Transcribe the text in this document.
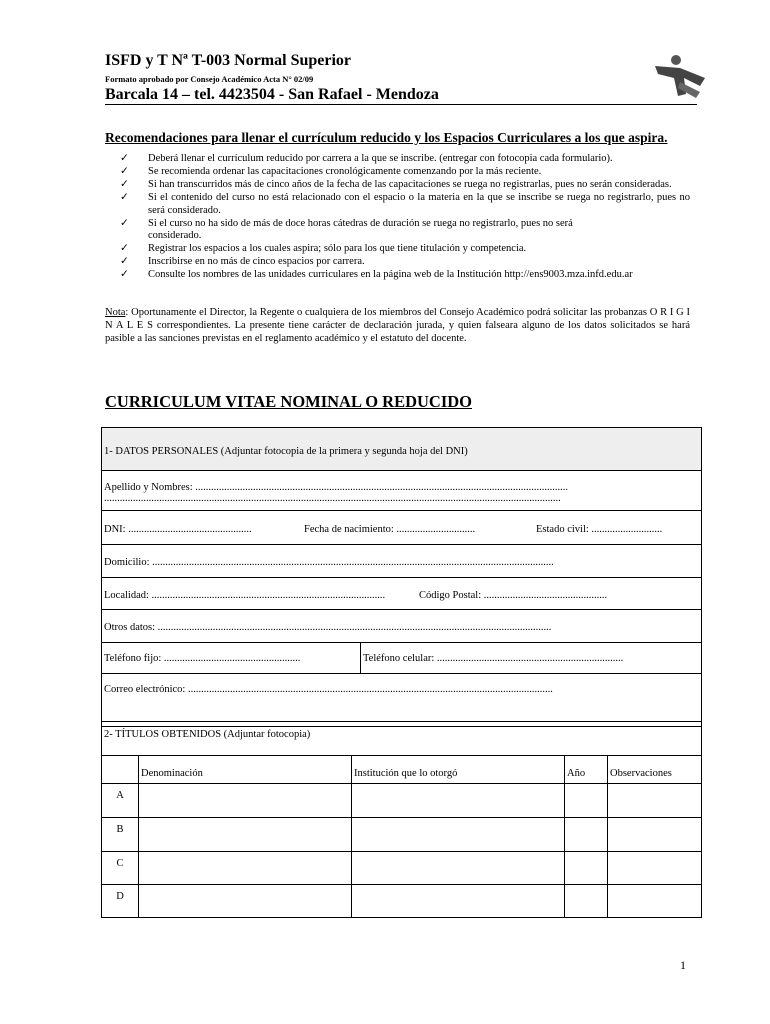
ISFD y T Nª T-003 Normal Superior
Formato aprobado por Consejo Académico Acta N° 02/09
Barcala 14 – tel. 4423504 - San Rafael - Mendoza
Recomendaciones para llenar el currículum reducido y los Espacios Curriculares a los que aspira.
✓ Deberá llenar el currículum reducido por carrera a la que se inscribe. (entregar con fotocopia cada formulario).
✓ Se recomienda ordenar las capacitaciones cronológicamente comenzando por la más reciente.
✓ Si han transcurridos más de cinco años de la fecha de las capacitaciones se ruega no registrarlas, pues no serán consideradas.
✓ Si el contenido del curso no está relacionado con el espacio o la materia en la que se inscribe se ruega no registrarlo, pues no será considerado.
✓ Si el curso no ha sido de más de doce horas cátedras de duración se ruega no registrarlo, pues no será
considerado.
✓ Registrar los espacios a los cuales aspira; sólo para los que tiene titulación y competencia.
✓ Inscribirse en no más de cinco espacios por carrera.
✓ Consulte los nombres de las unidades curriculares en la página web de la Institución http://ens9003.mza.infd.edu.ar
Nota: Oportunamente el Director, la Regente o cualquiera de los miembros del Consejo Académico podrá solicitar las probanzas O R I G I N A L E S correspondientes. La presente tiene carácter de declaración jurada, y quien falseara alguno de los datos solicitados se hará pasible a las sanciones previstas en el reglamento académico y el estatuto del docente.
CURRICULUM VITAE NOMINAL O REDUCIDO
1- DATOS PERSONALES (Adjuntar fotocopia de la primera y segunda hoja del DNI)
Apellido y Nombres: ..............................................................................................................................................
..............................................................................................................................................................................
DNI: ...............................................	Fecha de nacimiento: ..............................	Estado civil: ...........................
Domicilio: .........................................................................................................................................................
Localidad: .........................................................................................	Código Postal: ...............................................
Otros datos: ......................................................................................................................................................
Teléfono fijo: ....................................................	Teléfono celular: .......................................................................
Correo electrónico: ...........................................................................................................................................
2- TÍTULOS OBTENIDOS (Adjuntar fotocopia)

	Denominación	Institución que lo otorgó	Año	Observaciones

A				

B				

C				

D				

1
